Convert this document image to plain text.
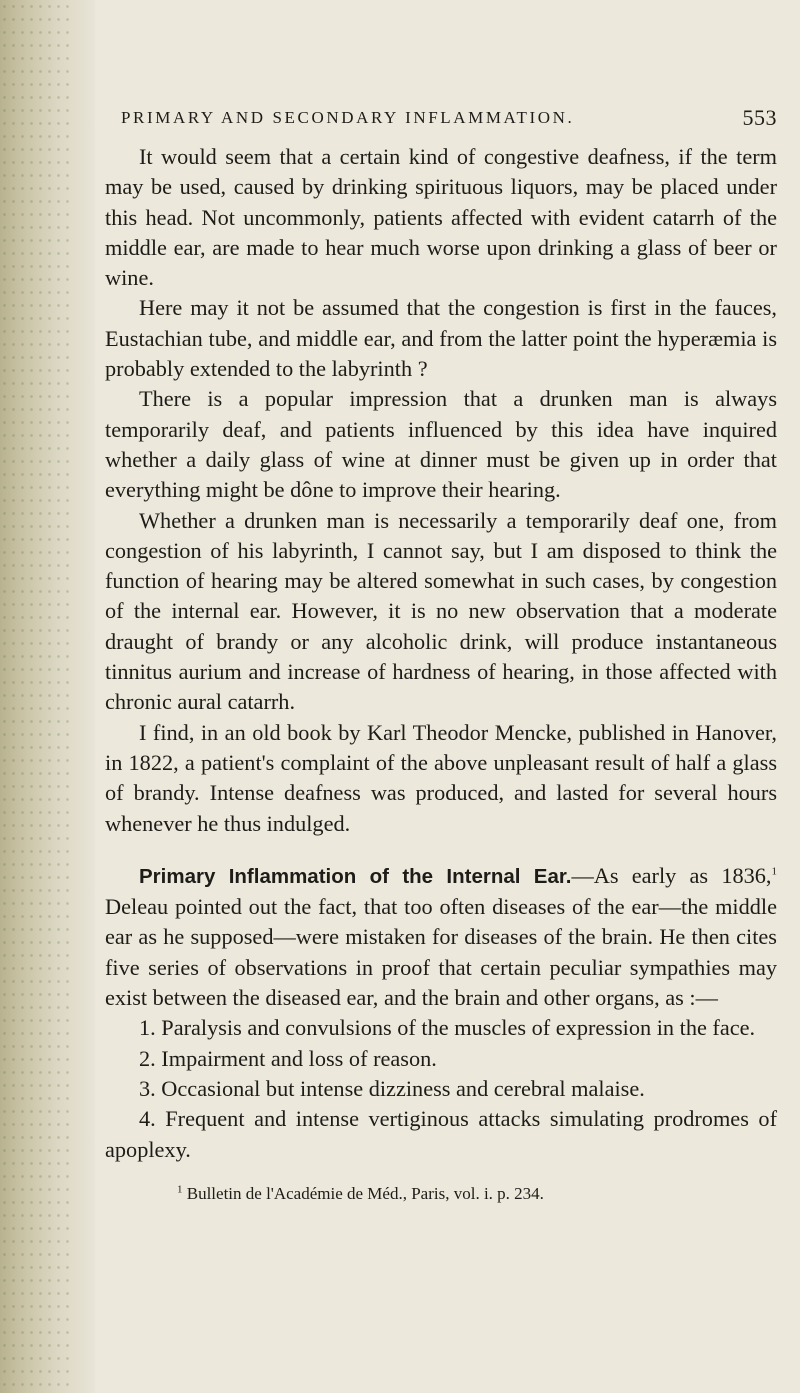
PRIMARY AND SECONDARY INFLAMMATION.	553

It would seem that a certain kind of congestive deafness, if the term may be used, caused by drinking spirituous liquors, may be placed under this head. Not uncommonly, patients affected with evident catarrh of the middle ear, are made to hear much worse upon drinking a glass of beer or wine.

Here may it not be assumed that the congestion is first in the fauces, Eustachian tube, and middle ear, and from the latter point the hyperæmia is probably extended to the labyrinth ?

There is a popular impression that a drunken man is always temporarily deaf, and patients influenced by this idea have inquired whether a daily glass of wine at dinner must be given up in order that everything might be dône to improve their hearing.

Whether a drunken man is necessarily a temporarily deaf one, from congestion of his labyrinth, I cannot say, but I am disposed to think the function of hearing may be altered somewhat in such cases, by congestion of the internal ear. However, it is no new observation that a moderate draught of brandy or any alcoholic drink, will produce instantaneous tinnitus aurium and increase of hardness of hearing, in those affected with chronic aural catarrh.

I find, in an old book by Karl Theodor Mencke, published in Hanover, in 1822, a patient's complaint of the above unpleasant result of half a glass of brandy. Intense deafness was produced, and lasted for several hours whenever he thus indulged.

Primary Inflammation of the Internal Ear.—As early as 1836,$^1$ Deleau pointed out the fact, that too often diseases of the ear—the middle ear as he supposed—were mistaken for diseases of the brain. He then cites five series of observations in proof that certain peculiar sympathies may exist between the diseased ear, and the brain and other organs, as :—

1. Paralysis and convulsions of the muscles of expression in the face.
2. Impairment and loss of reason.
3. Occasional but intense dizziness and cerebral malaise.
4. Frequent and intense vertiginous attacks simulating prodromes of apoplexy.
$^1$ Bulletin de l'Académie de Méd., Paris, vol. i. p. 234.
